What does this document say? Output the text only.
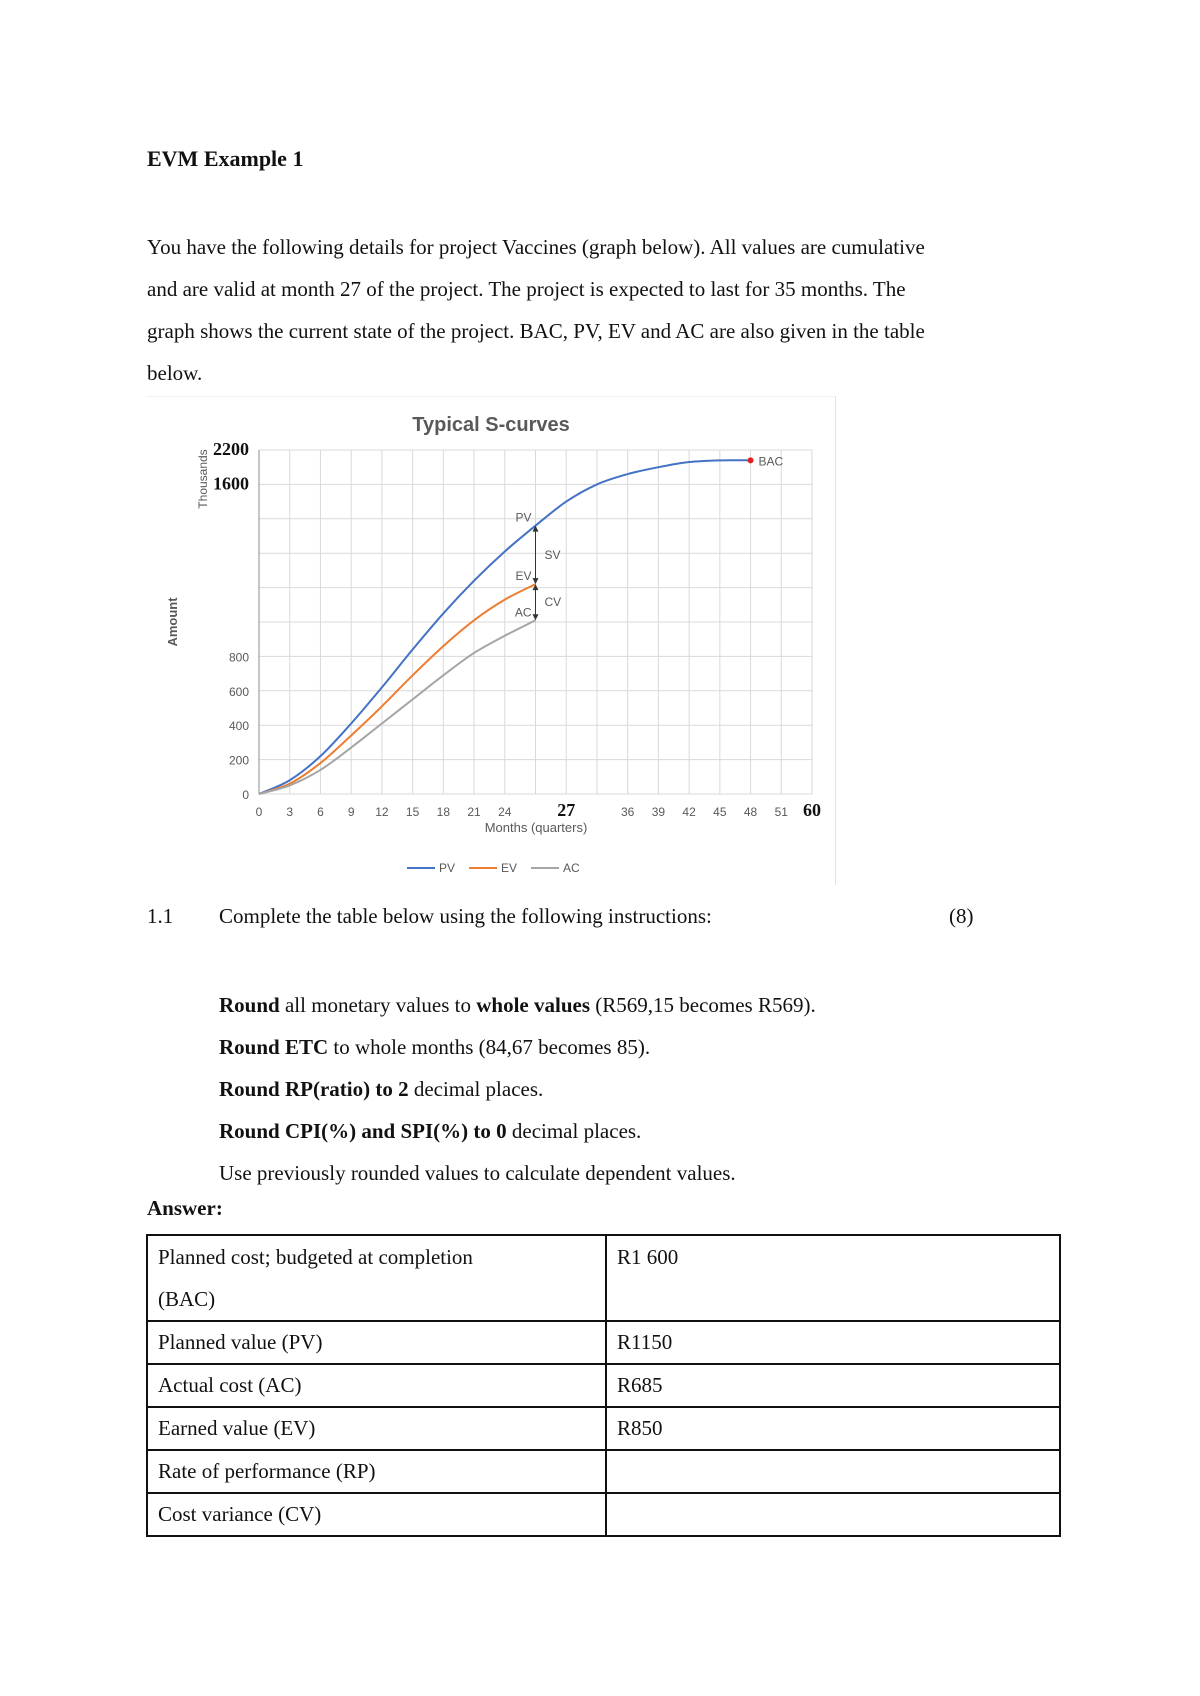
EVM Example 1
You have the following details for project Vaccines (graph below). All values are cumulative
and are valid at month 27 of the project. The project is expected to last for 35 months. The
graph shows the current state of the project. BAC, PV, EV and AC are also given in the table
below.
Typical S-curves
Thousands
Amount
Months (quarters)
0 3 6 9 12 15 18 21 24	27	36 39 42 45 48 51 60
0
200
400
600
800
1600
2200
BAC
PV
EV
AC
SV
CV
PV	EV	AC
1.1 Complete the table below using the following instructions:	(8)
Round all monetary values to whole values (R569,15 becomes R569).
Round ETC to whole months (84,67 becomes 85).
Round RP(ratio) to 2 decimal places.
Round CPI(%) and SPI(%) to 0 decimal places.
Use previously rounded values to calculate dependent values.
Answer:
Planned cost; budgeted at completion
(BAC)	R1 600
Planned value (PV)	R1150
Actual cost (AC)	R685
Earned value (EV)	R850
Rate of performance (RP)	
Cost variance (CV)	
